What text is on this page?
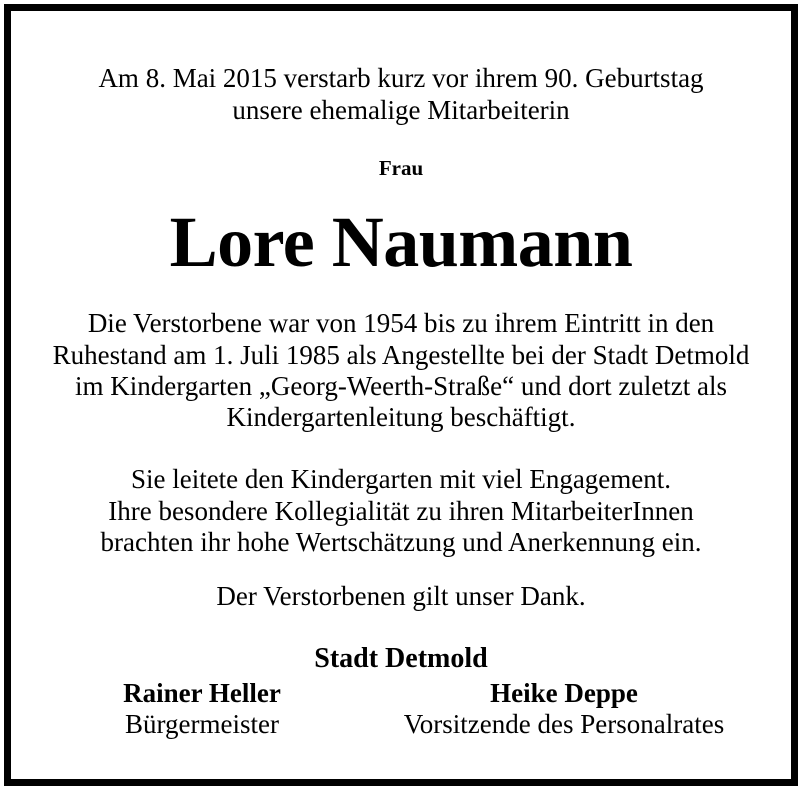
Am 8. Mai 2015 verstarb kurz vor ihrem 90. Geburtstag
unsere ehemalige Mitarbeiterin
Frau
Lore Naumann
Die Verstorbene war von 1954 bis zu ihrem Eintritt in den
Ruhestand am 1. Juli 1985 als Angestellte bei der Stadt Detmold
im Kindergarten „Georg-Weerth-Straße“ und dort zuletzt als
Kindergartenleitung beschäftigt.
Sie leitete den Kindergarten mit viel Engagement.
Ihre besondere Kollegialität zu ihren MitarbeiterInnen
brachten ihr hohe Wertschätzung und Anerkennung ein.
Der Verstorbenen gilt unser Dank.
Stadt Detmold
Rainer Heller
Bürgermeister
Heike Deppe
Vorsitzende des Personalrates
